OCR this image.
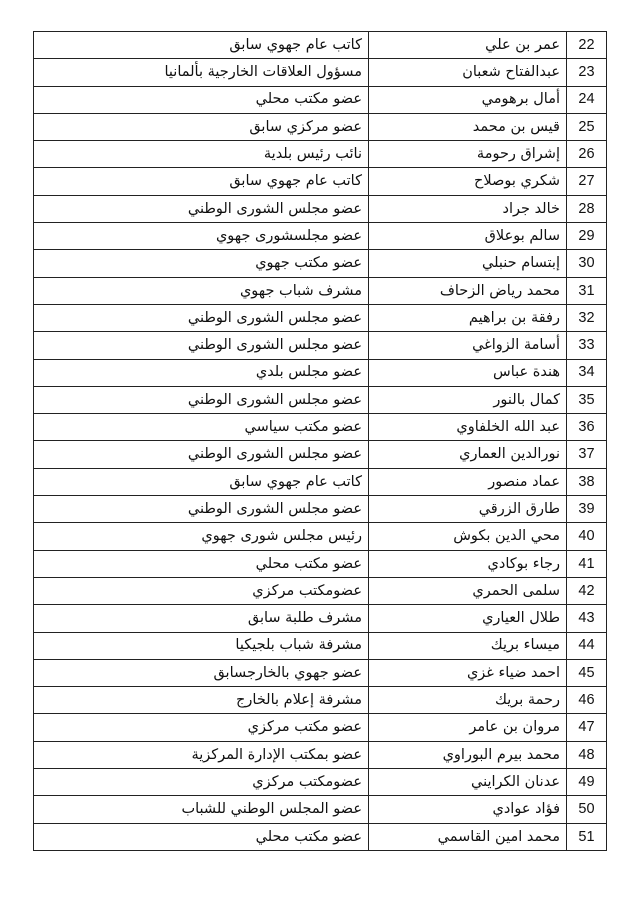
22	عمر بن علي	كاتب عام جهوي سابق
23	عبدالفتاح شعبان	مسؤول العلاقات الخارجية بألمانيا
24	أمال برهومي	عضو مكتب محلي
25	قيس بن محمد	عضو مركزي سابق
26	إشراق رحومة	نائب رئيس بلدية
27	شكري بوصلاح	كاتب عام جهوي سابق
28	خالد جراد	عضو مجلس الشورى الوطني
29	سالم بوعلاق	عضو مجلسشورى جهوي
30	إبتسام حنبلي	عضو مكتب جهوي
31	محمد رياض الزحاف	مشرف شباب جهوي
32	رفقة بن براهيم	عضو مجلس الشورى الوطني
33	أسامة الزواغي	عضو مجلس الشورى الوطني
34	هندة عباس	عضو مجلس بلدي
35	كمال بالنور	عضو مجلس الشورى الوطني
36	عبد الله الخلفاوي	عضو مكتب سياسي
37	نورالدين العماري	عضو مجلس الشورى الوطني
38	عماد منصور	كاتب عام جهوي سابق
39	طارق الزرقي	عضو مجلس الشورى الوطني
40	محي الدين بكوش	رئيس مجلس شورى جهوي
41	رجاء بوكادي	عضو مكتب محلي
42	سلمى الحمري	عضومكتب مركزي
43	طلال العياري	مشرف طلبة سابق
44	ميساء بريك	مشرفة شباب بلجيكيا
45	احمد ضياء غزي	عضو جهوي بالخارجسابق
46	رحمة بريك	مشرفة إعلام بالخارج
47	مروان بن عامر	عضو مكتب مركزي
48	محمد بيرم البوراوي	عضو بمكتب الإدارة المركزية
49	عدنان الكرايني	عضومكتب مركزي
50	فؤاد عوادي	عضو المجلس الوطني للشباب
51	محمد امين القاسمي	عضو مكتب محلي
